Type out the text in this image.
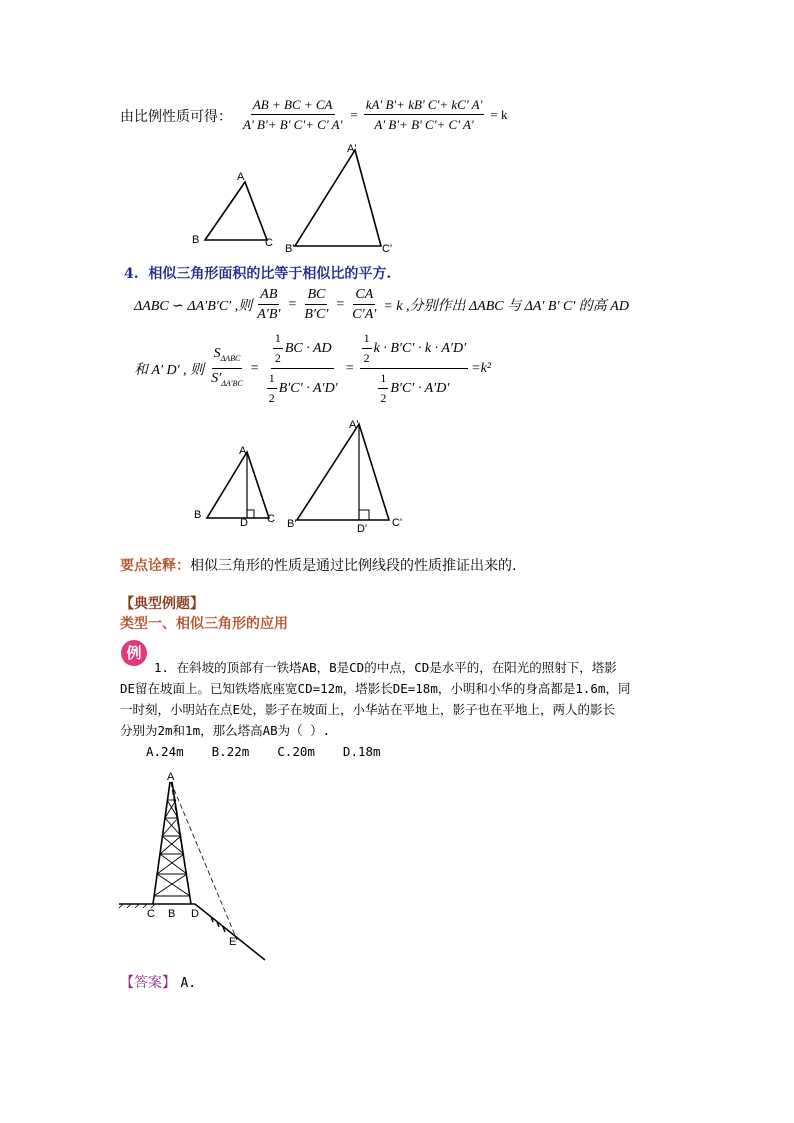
由比例性质可得： $\frac{AB + BC + CA}{A' B'+ B' C'+ C' A'} = \frac{kA' B'+ kB' C'+ kC' A'}{A' B'+ B' C'+ C' A'} = k$
A
B	C
A'
B'	C'
4. 相似三角形面积的比等于相似比的平方.
ΔABC ∽ ΔA′B′C′ ,则 $\frac{AB}{A'B'} = \frac{BC}{B'C'} = \frac{CA}{C'A'} = k$ ,分别作出 ΔABC 与 ΔA' B' C' 的高 AD
和 A' D' , 则 $\frac{S_{\Delta ABC}}{S'_{\Delta A'BC}} = \frac{\frac{1}{2} BC \cdot AD}{\frac{1}{2} B'C' \cdot A'D'} = \frac{\frac{1}{2} k \cdot B'C' \cdot k \cdot A'D'}{\frac{1}{2} B'C' \cdot A'D'} =k^2$
A
B	C
D
A'
B'	C'
D'
要点诠释：相似三角形的性质是通过比例线段的性质推证出来的.
【典型例题】
类型一、相似三角形的应用
例
1. 在斜坡的顶部有一铁塔AB，B是CD的中点，CD是水平的，在阳光的照射下，塔影
DE留在坡面上。已知铁塔底座宽CD=12m，塔影长DE=18m，小明和小华的身高都是1.6m，同
一时刻，小明站在点E处，影子在坡面上，小华站在平地上，影子也在平地上，两人的影长
分别为2m和1m，那么塔高AB为（ ）.
A.24m B.22m C.20m D.18m
A
C B D
E
【答案】 A.
